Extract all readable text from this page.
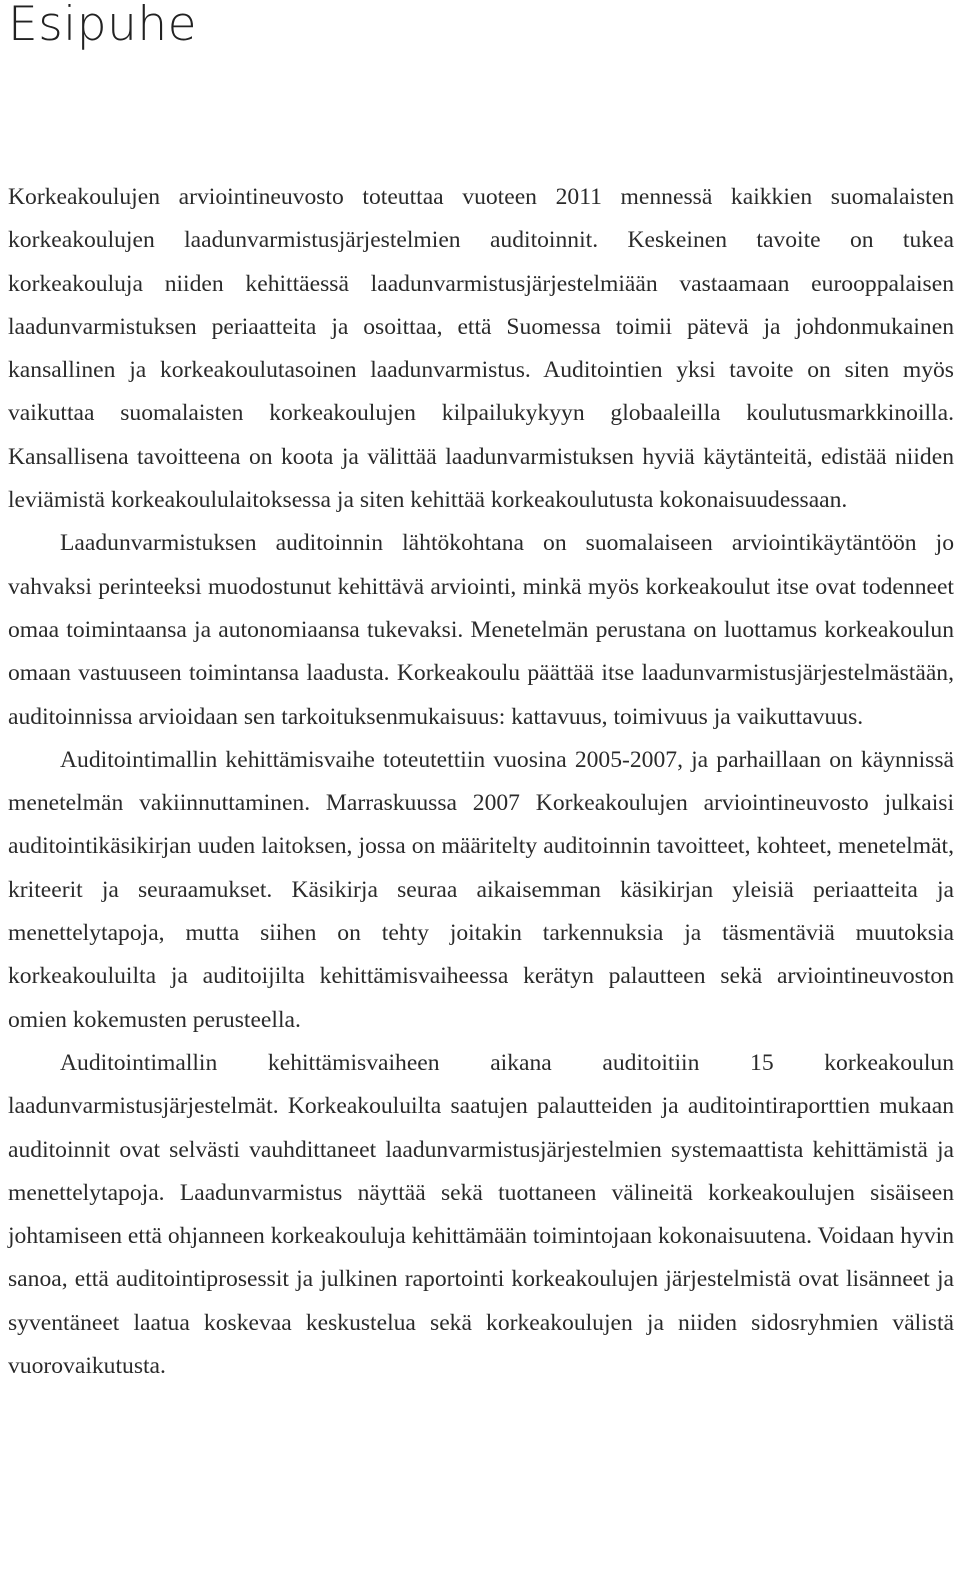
Esipuhe

Korkeakoulujen arviointineuvosto toteuttaa vuoteen 2011 mennessä kaikkien suomalaisten korkeakoulujen laadunvarmistusjärjestelmien auditoinnit. Keskeinen tavoite on tukea korkeakouluja niiden kehittäessä laadunvarmistusjärjestelmiään vastaamaan eurooppalaisen laadunvarmistuksen periaatteita ja osoittaa, että Suomessa toimii pätevä ja johdonmukainen kansallinen ja korkeakoulutasoinen laadunvarmistus. Auditointien yksi tavoite on siten myös vaikuttaa suomalaisten korkeakoulujen kilpailukykyyn globaaleilla koulutusmarkkinoilla. Kansallisena tavoitteena on koota ja välittää laadunvarmistuksen hyviä käytänteitä, edistää niiden leviämistä korkeakoululaitoksessa ja siten kehittää korkeakoulutusta kokonaisuudessaan.

Laadunvarmistuksen auditoinnin lähtökohtana on suomalaiseen arviointikäytäntöön jo vahvaksi perinteeksi muodostunut kehittävä arviointi, minkä myös korkeakoulut itse ovat todenneet omaa toimintaansa ja autonomiaansa tukevaksi. Menetelmän perustana on luottamus korkeakoulun omaan vastuuseen toimintansa laadusta. Korkeakoulu päättää itse laadunvarmistusjärjestelmästään, auditoinnissa arvioidaan sen tarkoituksenmukaisuus: kattavuus, toimivuus ja vaikuttavuus.

Auditointimallin kehittämisvaihe toteutettiin vuosina 2005-2007, ja parhaillaan on käynnissä menetelmän vakiinnuttaminen. Marraskuussa 2007 Korkeakoulujen arviointineuvosto julkaisi auditointikäsikirjan uuden laitoksen, jossa on määritelty auditoinnin tavoitteet, kohteet, menetelmät, kriteerit ja seuraamukset. Käsikirja seuraa aikaisemman käsikirjan yleisiä periaatteita ja menettelytapoja, mutta siihen on tehty joitakin tarkennuksia ja täsmentäviä muutoksia korkeakouluilta ja auditoijilta kehittämisvaiheessa kerätyn palautteen sekä arviointineuvoston omien kokemusten perusteella.

Auditointimallin kehittämisvaiheen aikana auditoitiin 15 korkeakoulun laadunvarmistusjärjestelmät. Korkeakouluilta saatujen palautteiden ja auditointiraporttien mukaan auditoinnit ovat selvästi vauhdittaneet laadunvarmistusjärjestelmien systemaattista kehittämistä ja menettelytapoja. Laadunvarmistus näyttää sekä tuottaneen välineitä korkeakoulujen sisäiseen johtamiseen että ohjanneen korkeakouluja kehittämään toimintojaan kokonaisuutena. Voidaan hyvin sanoa, että auditointiprosessit ja julkinen raportointi korkeakoulujen järjestelmistä ovat lisänneet ja syventäneet laatua koskevaa keskustelua sekä korkeakoulujen ja niiden sidosryhmien välistä vuorovaikutusta.
